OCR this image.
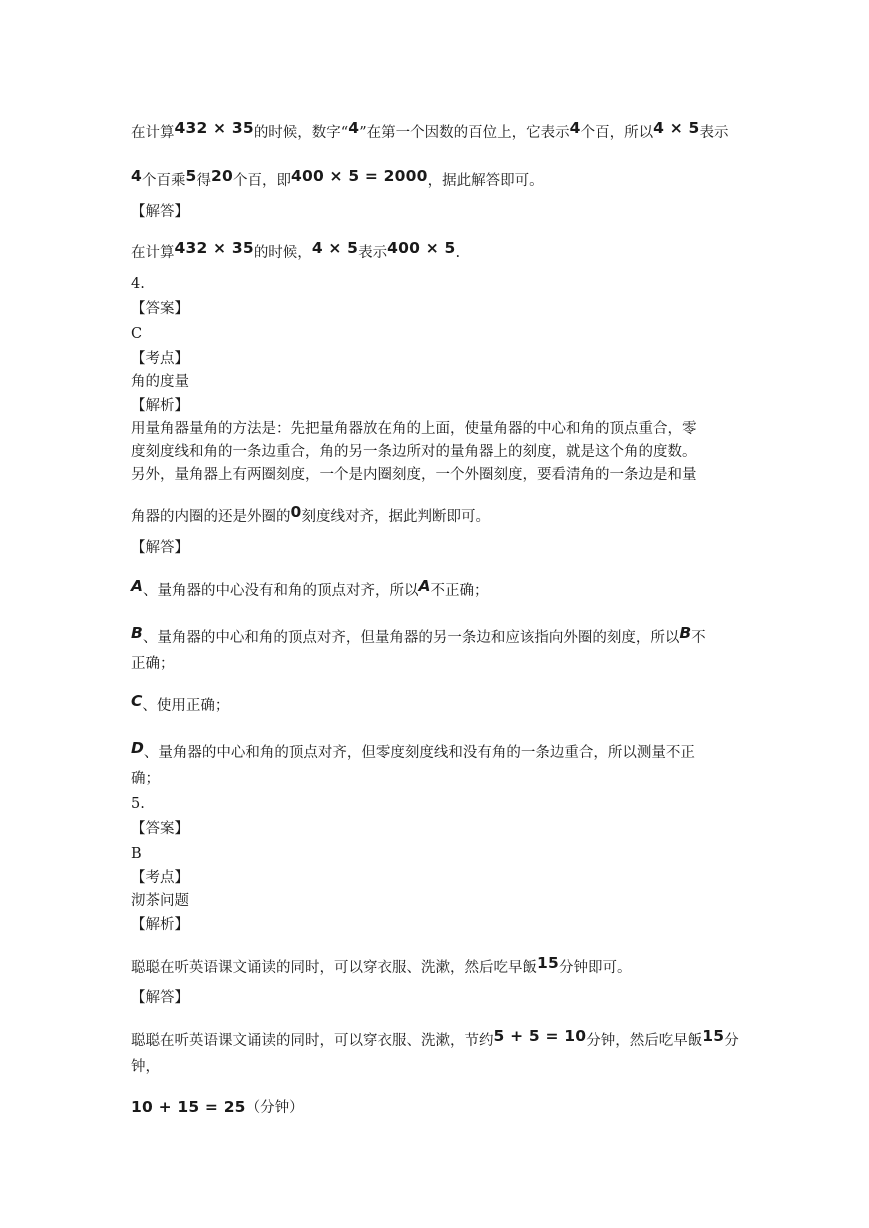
在计算432 × 35的时候，数字“4”在第一个因数的百位上，它表示4个百，所以4 × 5表示
4个百乘5得20个百，即400 × 5 = 2000，据此解答即可。
【解答】
在计算432 × 35的时候，4 × 5表示400 × 5.
4.
【答案】
C
【考点】
角的度量
【解析】
用量角器量角的方法是：先把量角器放在角的上面，使量角器的中心和角的顶点重合，零
度刻度线和角的一条边重合，角的另一条边所对的量角器上的刻度，就是这个角的度数。
另外，量角器上有两圈刻度，一个是内圈刻度，一个外圈刻度，要看清角的一条边是和量
角器的内圈的还是外圈的0刻度线对齐，据此判断即可。
【解答】
A、量角器的中心没有和角的顶点对齐，所以A不正确；
B、量角器的中心和角的顶点对齐，但量角器的另一条边和应该指向外圈的刻度，所以B不
正确；
C、使用正确；
D、量角器的中心和角的顶点对齐，但零度刻度线和没有角的一条边重合，所以测量不正
确；
5.
【答案】
B
【考点】
沏茶问题
【解析】
聪聪在听英语课文诵读的同时，可以穿衣服、洗漱，然后吃早飯15分钟即可。
【解答】
聪聪在听英语课文诵读的同时，可以穿衣服、洗漱，节约5 + 5 = 10分钟，然后吃早飯15分
钟，
10 + 15 = 25（分钟）
